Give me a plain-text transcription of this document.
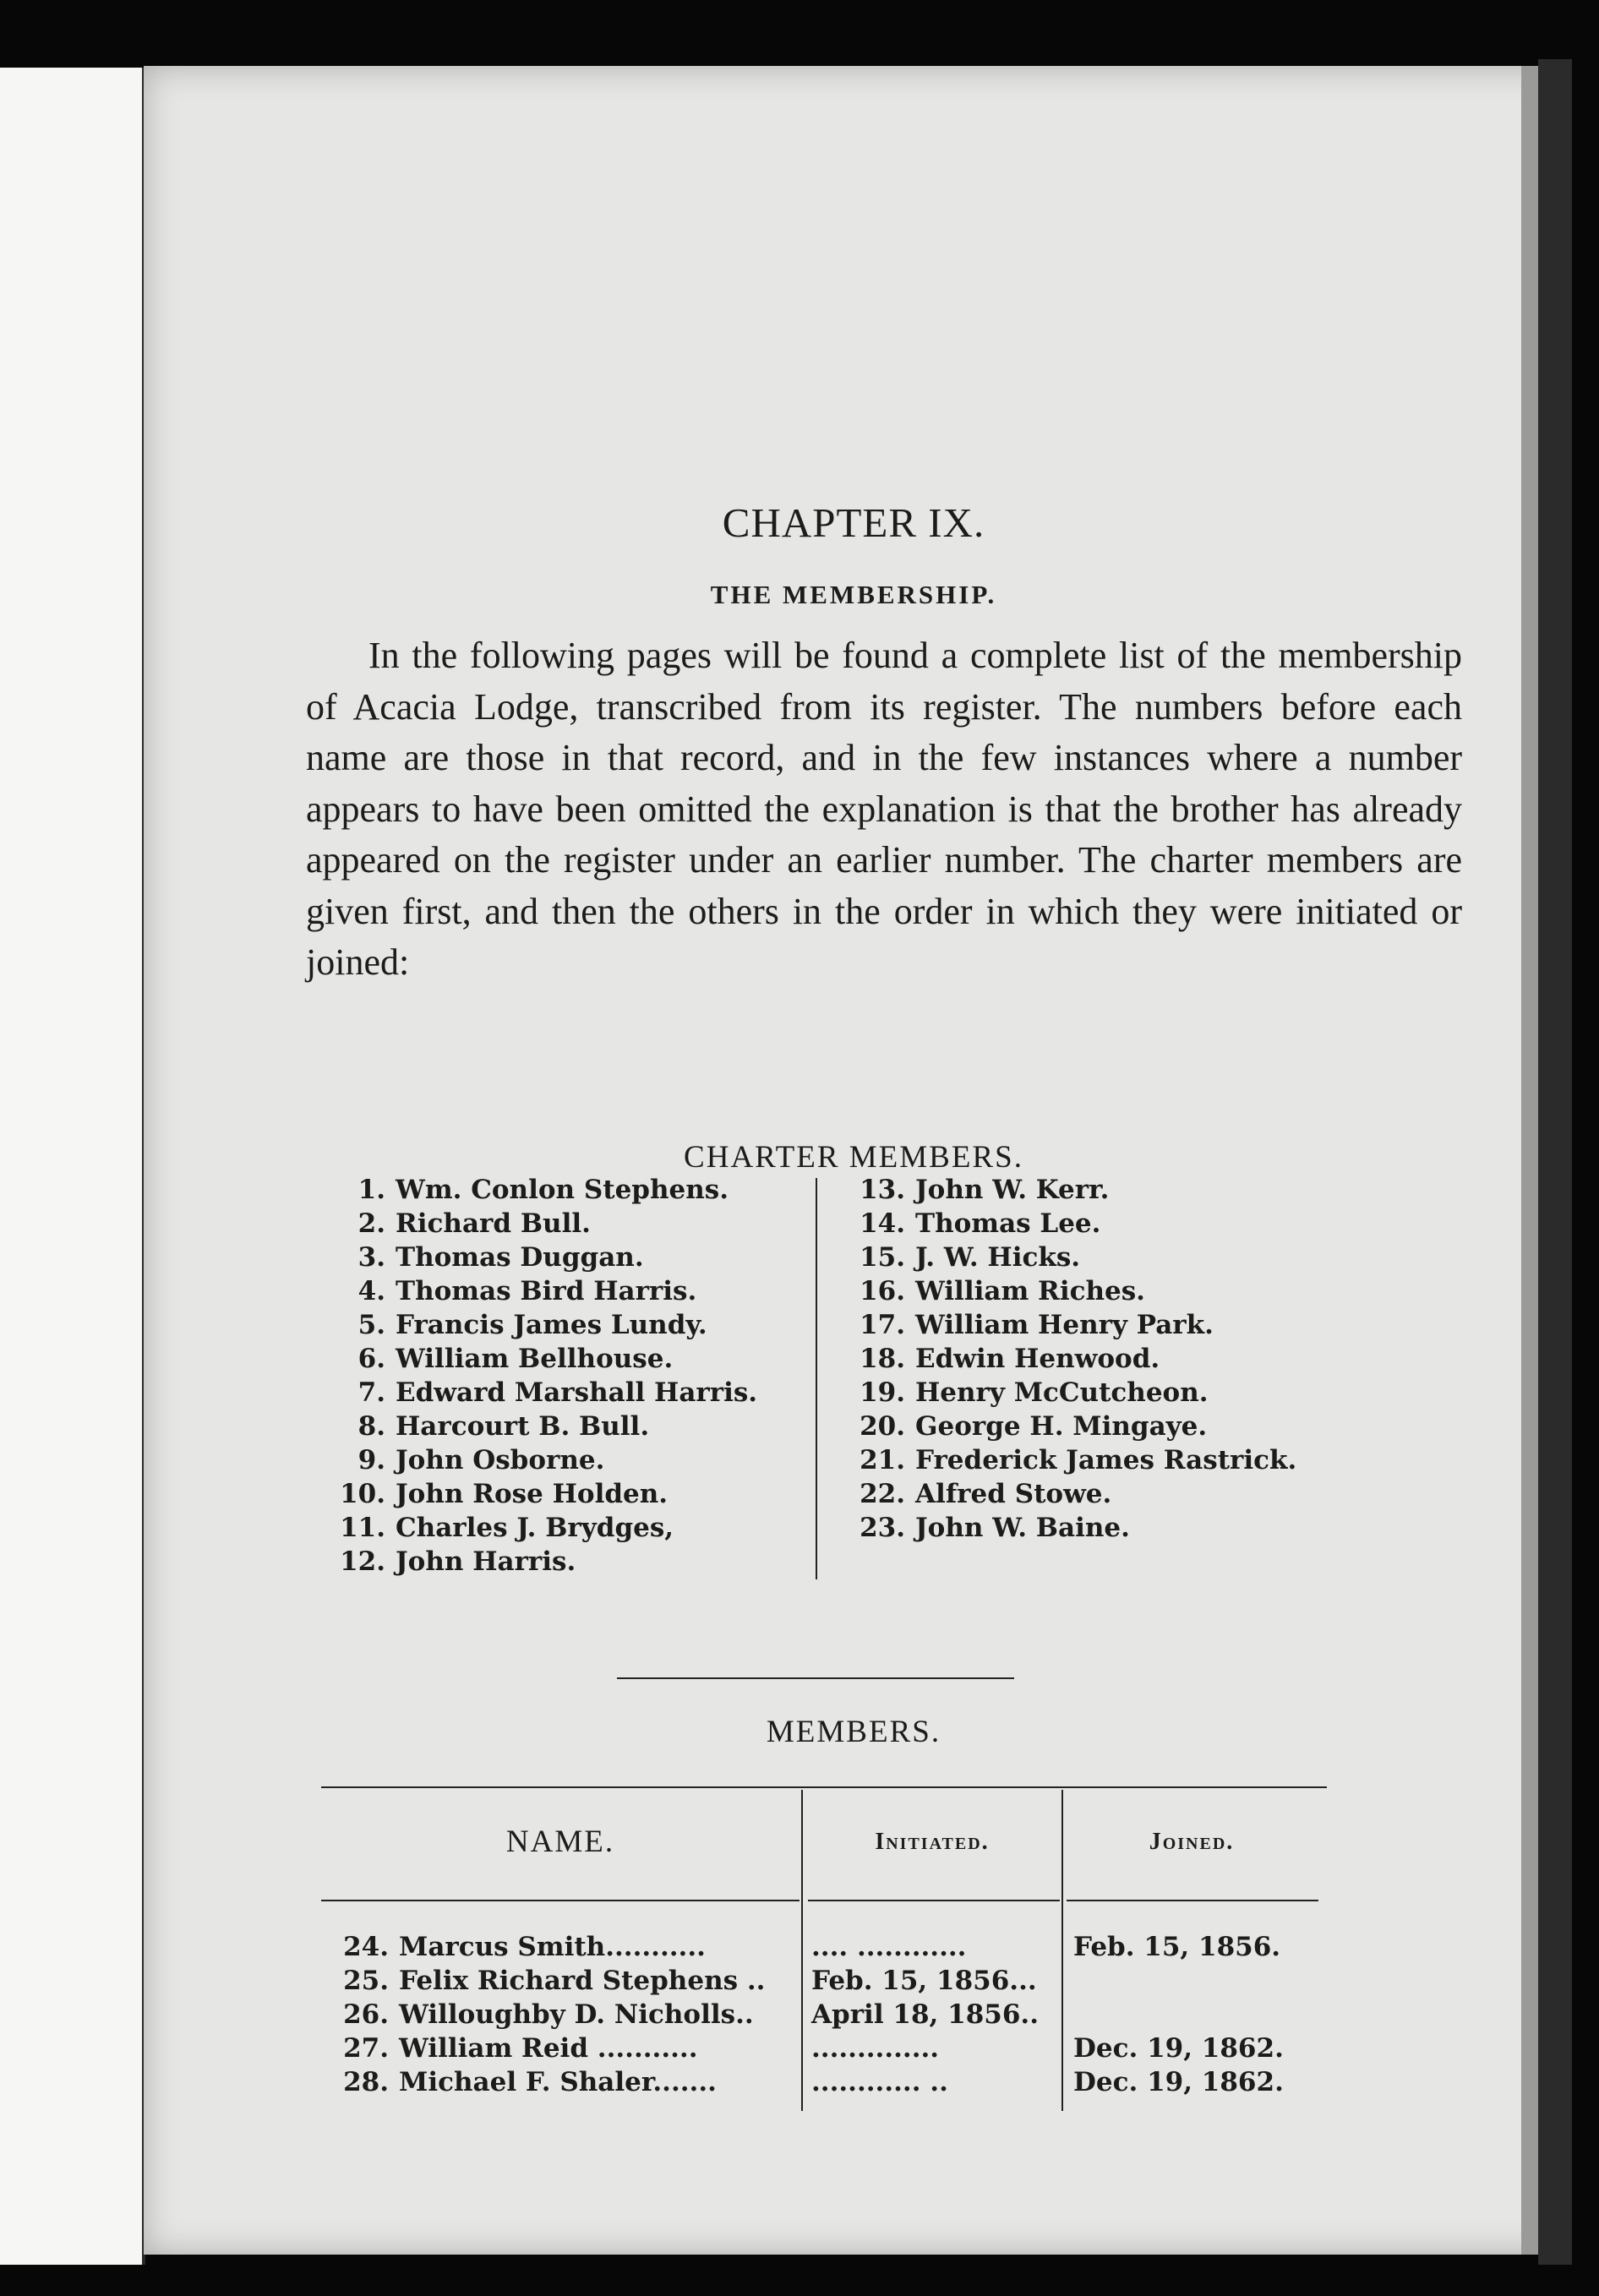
CHAPTER IX.
THE MEMBERSHIP.

In the following pages will be found a complete list of the membership of Acacia Lodge, transcribed from its register. The numbers before each name are those in that record, and in the few instances where a number appears to have been omitted the explanation is that the brother has already appeared on the register under an earlier number. The charter members are given first, and then the others in the order in which they were initiated or joined:

CHARTER MEMBERS.
1. Wm. Conlon Stephens.
2. Richard Bull.
3. Thomas Duggan.
4. Thomas Bird Harris.
5. Francis James Lundy.
6. William Bellhouse.
7. Edward Marshall Harris.
8. Harcourt B. Bull.
9. John Osborne.
10. John Rose Holden.
11. Charles J. Brydges,
12. John Harris.
13. John W. Kerr.
14. Thomas Lee.
15. J. W. Hicks.
16. William Riches.
17. William Henry Park.
18. Edwin Henwood.
19. Henry McCutcheon.
20. George H. Mingaye.
21. Frederick James Rastrick.
22. Alfred Stowe.
23. John W. Baine.
MEMBERS.
NAME.	Initiated.	Joined.
24. Marcus Smith...........	.... ............	Feb. 15, 1856.
25. Felix Richard Stephens .. Feb. 15, 1856...
26. Willoughby D. Nicholls.. April 18, 1856..
27. William Reid ...........	..............	Dec. 19, 1862.
28. Michael F. Shaler.......	............ ..	Dec. 19, 1862.
